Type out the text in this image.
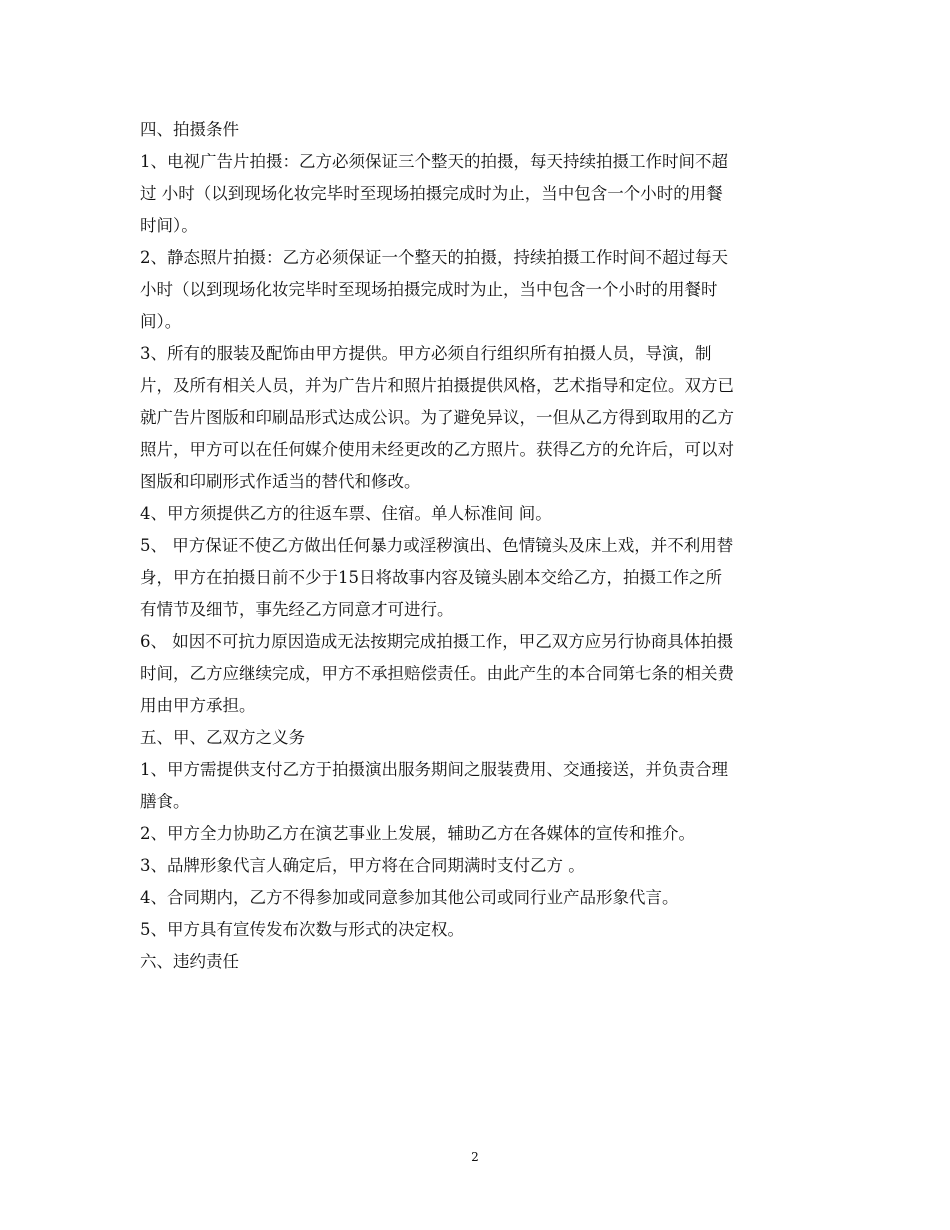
四、拍摄条件
1、电视广告片拍摄：乙方必须保证三个整天的拍摄，每天持续拍摄工作时间不超
过 小时（以到现场化妆完毕时至现场拍摄完成时为止，当中包含一个小时的用餐
时间）。
2、静态照片拍摄：乙方必须保证一个整天的拍摄，持续拍摄工作时间不超过每天
小时（以到现场化妆完毕时至现场拍摄完成时为止，当中包含一个小时的用餐时
间）。
3、所有的服装及配饰由甲方提供。甲方必须自行组织所有拍摄人员，导演，制
片，及所有相关人员，并为广告片和照片拍摄提供风格，艺术指导和定位。双方已
就广告片图版和印刷品形式达成公识。为了避免异议，一但从乙方得到取用的乙方
照片，甲方可以在任何媒介使用未经更改的乙方照片。获得乙方的允许后，可以对
图版和印刷形式作适当的替代和修改。
4、甲方须提供乙方的往返车票、住宿。单人标准间 间。
5、 甲方保证不使乙方做出任何暴力或淫秽演出、色情镜头及床上戏，并不利用替
身，甲方在拍摄日前不少于15日将故事内容及镜头剧本交给乙方，拍摄工作之所
有情节及细节，事先经乙方同意才可进行。
6、 如因不可抗力原因造成无法按期完成拍摄工作，甲乙双方应另行协商具体拍摄
时间，乙方应继续完成，甲方不承担赔偿责任。由此产生的本合同第七条的相关费
用由甲方承担。
五、甲、乙双方之义务
1、甲方需提供支付乙方于拍摄演出服务期间之服装费用、交通接送，并负责合理
膳食。
2、甲方全力协助乙方在演艺事业上发展，辅助乙方在各媒体的宣传和推介。
3、品牌形象代言人确定后，甲方将在合同期满时支付乙方 。
4、合同期内，乙方不得参加或同意参加其他公司或同行业产品形象代言。
5、甲方具有宣传发布次数与形式的决定权。
六、违约责任
2
